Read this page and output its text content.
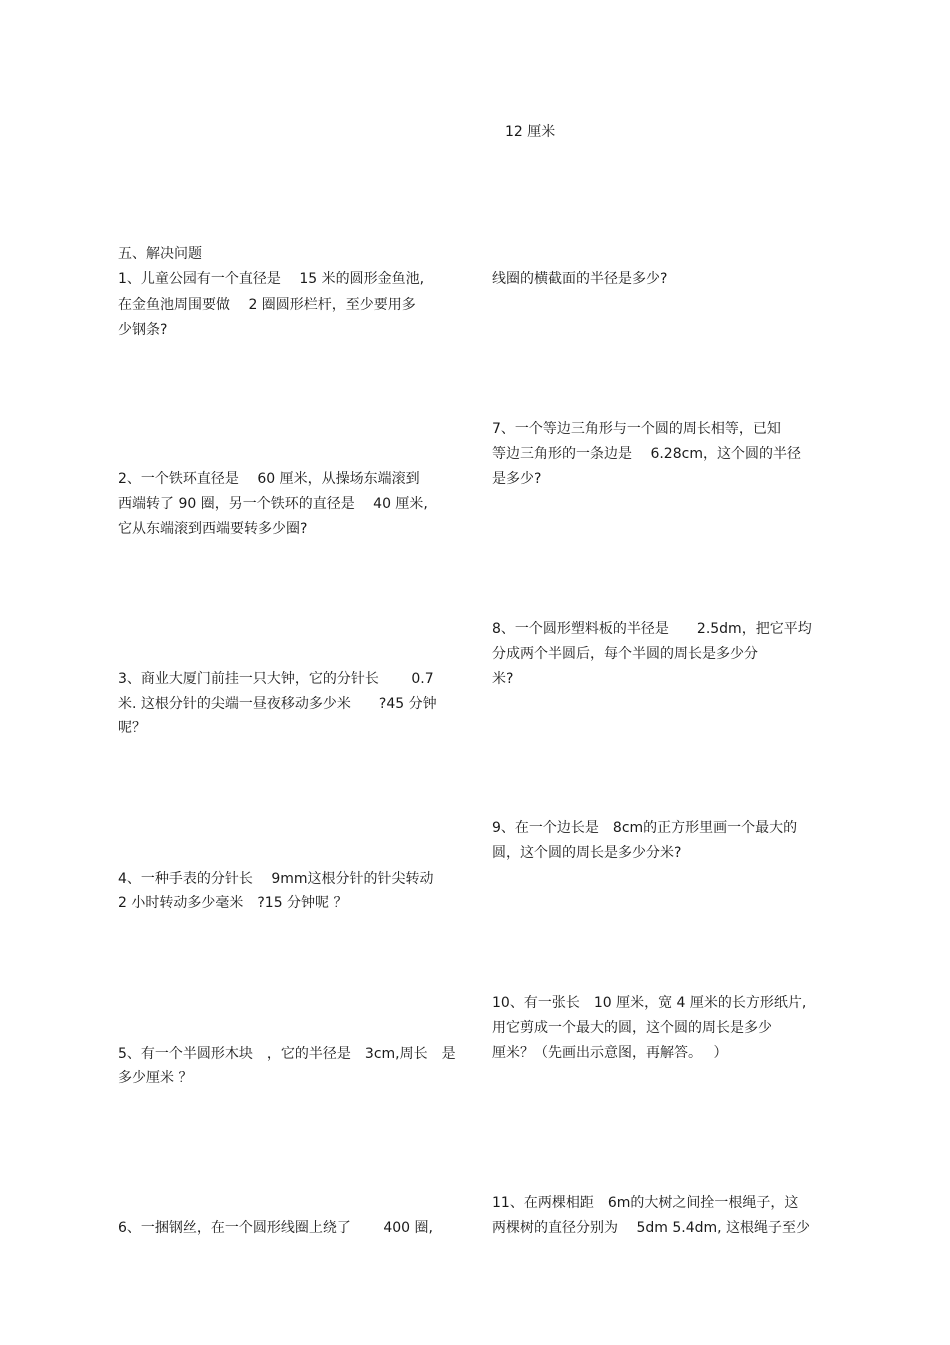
12 厘米
五、解决问题
1、儿童公园有一个直径是　 15 米的圆形金鱼池,
在金鱼池周围要做　 2 圈圆形栏杆，至少要用多
少钢条?
2、一个铁环直径是　 60 厘米，从操场东端滚到
西端转了 90 圈，另一个铁环的直径是　 40 厘米,
它从东端滚到西端要转多少圈?
3、商业大厦门前挂一只大钟，它的分针长　　 0.7
米. 这根分针的尖端一昼夜移动多少米　　?45 分钟
呢？
4、一种手表的分针长　 9mm这根分针的针尖转动
2 小时转动多少毫米　?15 分钟呢 ？
5、有一个半圆形木块　，它的半径是　3cm,周长　是
多少厘米 ？
6、一捆钢丝，在一个圆形线圈上绕了　　 400 圈,
线圈的横截面的半径是多少?
7、一个等边三角形与一个圆的周长相等，已知
等边三角形的一条边是　 6.28cm，这个圆的半径
是多少?
8、一个圆形塑料板的半径是　　2.5dm，把它平均
分成两个半圆后，每个半圆的周长是多少分
米?
9、在一个边长是　8cm的正方形里画一个最大的
圆，这个圆的周长是多少分米?
10、有一张长　10 厘米，宽 4 厘米的长方形纸片,
用它剪成一个最大的圆，这个圆的周长是多少
厘米？（先画出示意图，再解答。　 ）
11、在两棵相距　6m的大树之间拴一根绳子，这
两棵树的直径分别为　 5dm 5.4dm, 这根绳子至少
